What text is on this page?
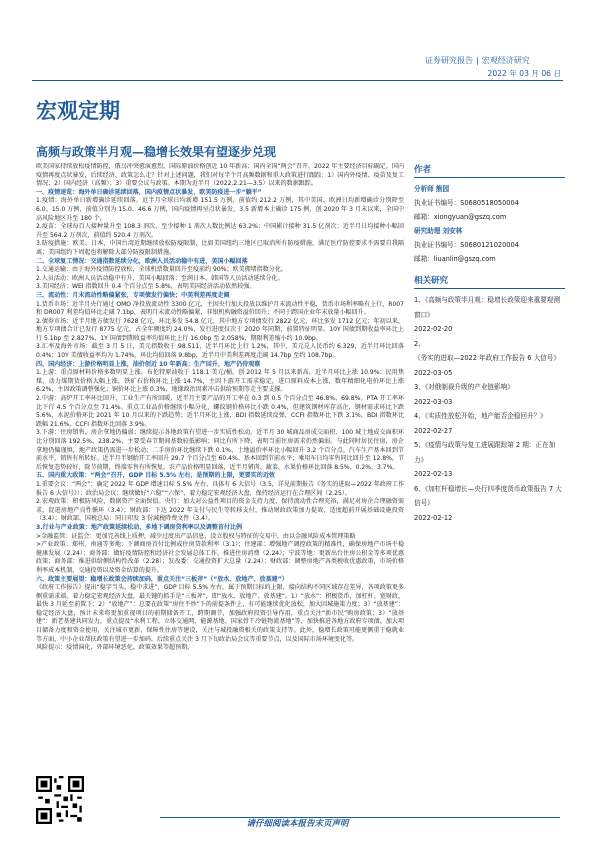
证券研究报告 | 宏观经济研究
2022 年 03 月 06 日
宏观定期
高频与政策半月观—稳增长效果有望逐步兑现
欧美国家持续放松疫情防控，俄乌冲突愈演愈烈，国际原油价格创近 10 年新高；国内全国“两会”召开，2022 年主要经济目标确定，国内疫情再度点状暴发，后续经济、政策怎么走？针对上述问题，我们对每半个月高频数据和重大政策进行跟踪：1）国内外疫情、疫苗及复工情况；2）国内经济（高频）；3）重要会议与政策。本期为近半月（2022.2.21—3.5）以来的数据跟踪。
一、疫情速览：海外单日确诊延续回落，国内疫情点状暴发，欧美防疫进一步“躺平”
1.疫情：海外单日新增确诊延续回落。近半月全球日均新增 151.5 万例，前值约 212.2 万例，其中美国、欧洲日均新增确诊分别降至 6.0、15.0 万例，前值分别为 15.0、46.6 万例，国内疫情再呈点状暴发，3.5 新增本土确诊 175 例，创 2020 年 3 月未以来，全国中高风险地区升至 180 个。
2.疫苗：全球每百人接种量升至 108.3 剂次，至少接种 1 剂次人数比例达 63.2%；中国累计接种 31.5 亿剂次；近半月日均接种小幅回升至 564.2 万剂次，前值约 520.4 万剂次。
3.防疫措施：欧美、日本、中国台湾近期继续放松防疫限制，比如美国纽约三地区已取消所有防疫措施，满足医疗防控要求不需要自我隔离；美国组约下周起也将解除大部分防疫限制措施。
二、全球复工情况：交通指数延续分化，欧洲人员活动稳中有进，美国小幅回落
1.交通运输：由于海外疫情防控放松，全球机票数量回升至疫前约 90%；欧美拥堵指数分化。
2.人员活动：欧洲人员活动稳中有升，美国小幅回落；至润日本、韩国等人员活动延续分化。
3.美国经济：WEI 指数回升 0.4 个百分点至 5.8%，表明美国经济活动依然较强。
三、流动性：月末流动性略偏紧张，专项债发行偏快；中美利差再度走阔
1.货币市场：近半月央行通过 OMO 净投放流动性 3300 亿元，主因央行加大投放以维护月末流动性平稳，货币市场利率略有上行，R007 和 DR007 利差均值环比走阔 7.1bp，表明月末流动性略偏紧，非银机构融资溢价回升；不同于跨国企业年末放量小幅回升。
2.债券市场：近半月地方债发行 7628 亿元，环比多发 54.8 亿元，其中地方专项债发行 2822 亿元，环比多发 1712 亿元；年初以来，地方专项债合计已发行 8775 亿元，占全年额度约 24.0%，发行进度仅次于 2020 年同期，前置特征明显。10Y 国债到期收益率环比上行 5.1bp 至 2.827%，1Y 国债到期收益率均值环比上行 16.0bp 至 2.058%，期限利差缩小约 10.9bp。
3.汇率及海外市场：截至 3 月 5 日，美元指数收于 98.511，近半月环比上行 1.2%，其中，美元兑人民币约 6.329，近半月环比回落 0.4%；10Y 美债收益率均为 1.74%，环比均值回落 9.8bp，近半月中美利差再度走阔 14.7bp 至约 108.7bp。
四、国内经济：上游价格明显上涨，油价创近 10 年新高；生产回升，地产仍待观察
1.上游：重点原材料价格多数明显上涨。布伦特原油收于 118.1 美元/桶，创 2012 年 5 月以来新高，近半月环比上涨 10.9%；民用焦煤、动力煤期货价格大幅上涨，铁矿石价格环比上涨 14.7%，主因下游开工需求稳定，进口原料成本上涨，数年精细化电价环比上涨 6.2%，主因政策调整强化；铜价环比上涨 0.3%，地缘政治因素冲击供给预期等走主要支撑。
2.中游：高炉开工率环比回升，工业生产有所回暖，近半月主要产品的开工率在 0.3 到 0.5 个百分点至 46.8%、69.8%。PTA 开工率环比下行 4.5 个百分点至 71.4%。重点工业品价格继续小幅分化，螺纹钢价格环比小跌 0.4%，但建筑钢材库存高企，钢材需求环比下跌 5.6%，水泥价格环比 2021 年 10 月以来的下跌趋势；近半月环比上涨，BDI 指数延续反弹，CCFI 指数环比下跌 3.1%，BDI 指数环比跌幅 21.6%，CCFI 指数环比回落 3.9%。
3.下游：住房销售、房企拿地仍偏弱；继续提示各地政策有望进一步实质性松动。近半月 30 城商品房成交面积、100 城土地成交面积环比分别回落 192.5%、238.2%，主要受春节期间基数较低影响；同比有所下降，表明当前住房需求仍然偏弱。与此同时居民住房，房企拿地仍偏谨慎，地产政策仍需进一步松动；二手房价环比继续下跌 0.1%，土地溢价率环比小幅回升 3.2 个百分点。汽车生产基本回到节前水平，销售有所转好。近半月半钢胎开工率回升 29.7 个百分点至 60.4%。基本回到节前水平；乘用车日均零售同比回升至 12.8%，节后恢复态势较好，除节前期，终端零售有所恢复。农产品价格明显回落，近半月猪肉、蔬菜、水果价格环比回落 8.5%、0.2%、3.7%。
五、国内重大政策：“两会”召开，GDP 目标 5.5% 左右，是预期的上限，更要实的近效
1.重要会议：“两会”：确定 2022 年 GDP 增速目标 5.5% 左右，具体有 6 大信号（3.5，详见前期报告《务实的进取—2022 年政府工作报告 6 大信号》）；政治局会议：继续做好“六稳”“六保”，着力稳定宏观经济大盘，保持经济运行在合理区间（2.25）。
2.宏观政策：积极防风险，数据资产全面保值。央行：加大对公益性项目的资金支持力度，保持流动性合理充裕，满足对房企合理融资需求，促进房地产良性循环（3.4）；财政部：下达 2022 年支付与民生等转移支付，推动财政政策加力提效，适度超前开展基础设施投资（3.4）；财政部、国税总局：同日印发 3 份减税降费文件（3.4）。
3.行业与产业政策：地产政策延续松动，多地下调房贷利率以及调整首付比例
>金融监管：证监会：更加完善线上质押，减少过度出产品信息，设立股权与特征的交易中，由以金融风险成本管理策略
>产业政策：郑州、南通等多地：下调商房首付比例或住房贷款利率（3.1）；住建部：增强地产调控政策的精准性，确保房地产市场平稳健康发展（2.24）；商务部：做好疫情防控和经济社会发展总体工作，推进住房消费（2.24）；宁波等地：更新出台住房公积金等多项优惠政策；商务部：推进供给侧结构性改革（2.28）；发改委：交通投资扩大总量（2.24）；财政部：调整房地产各类税收优惠政策，市场价格利率成本机制，交通投资以及资金结算的提升。
六、政策主要展望：稳增长政策会持续加码，重点关注“三板斧”（“放水、放地产、放基建”）
《政府工作报告》提出“稳字当头、稳中求进”，GDP 目标 5.5% 左右，属于预期目标的上限，接向结构不同区域存在差异，各项政策更多侧重需求端。着力稳定宏观经济大盘，最关键的抓手是“三板斧”，即“放水、放地产、放基建”。1）“放水”：积极货币，加杠杆，宽财政，最快 3 月延至前置下；2）“放地产”：总要在政策“房住不炒”下的前提条件上，有可能继续优化放松，加大因城施策力度；3）“放基建”：稳定经济大盘，预计未来将更加重视项目的前期储备开工，跨期调节，加强政府投资引导作用，重点关注“新市民”购房政策；3）“放基建”：新老基建共同发力，重点提及“水利工程、立体交通网、能源基地、国家骨干冷链物流基地”等，加快推进各地方政府专项债、加大项目储备力度和资金使用，关注城市更新、保障性住房等建设，关注与城投融资相关的政策支持等。此外，稳增长政策可能更侧重于稳就业等方面，中小企业帮扶政策有望进一步加码。后续重点关注 3 月下旬政治局会议等重要节点，以及国际市场环境变化等。
风险提示：疫情演化、外部环境恶化、政策效果等超预期。
作者
分析师 熊园
执业证书编号：S0680518050004
邮箱：xiongyuan@gszq.com
研究助理 刘安林
执业证书编号：S0680121020004
邮箱：liuanlin@gszq.com
相关研究
1、《高频与政策半月观：稳增长政策迎来重要观测窗口》
2022-02-20
2、《务实的进取—2022 年政府工作报告 6 大信号》
2022-03-05
3、《对俄制裁升级的产业链影响》
2022-03-03
4、《实质性放松开始，地产能否企稳回升？》
2022-02-27
5、《疫情与政策与复工进展跟踪第 2 期：正在加力》
2022-02-13
6、《加杠杆稳增长—央行四季度货币政策报告 7 大信号》
2022-02-12
请仔细阅读本报告末页声明
